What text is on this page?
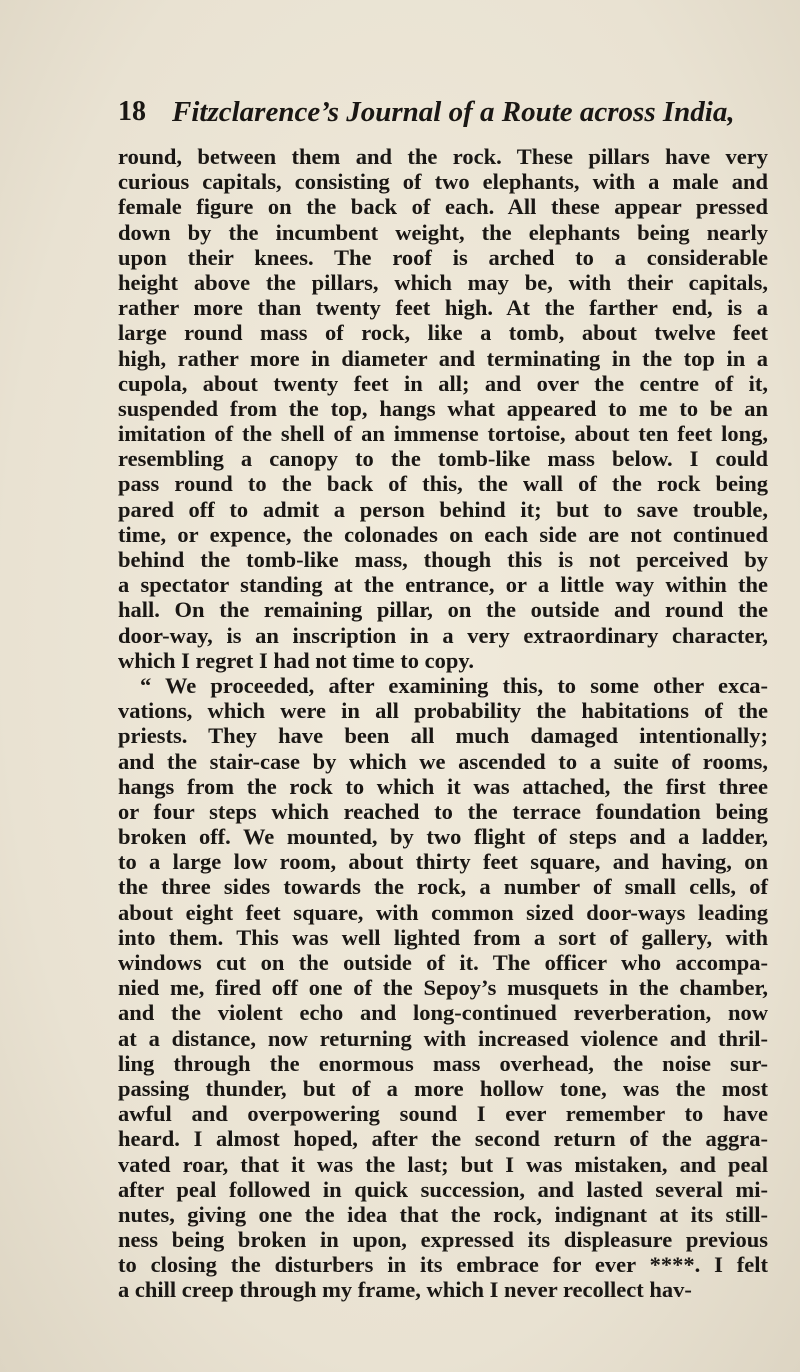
18 Fitzclarence’s Journal of a Route across India,
round, between them and the rock. These pillars have very
curious capitals, consisting of two elephants, with a male and
female figure on the back of each. All these appear pressed
down by the incumbent weight, the elephants being nearly
upon their knees. The roof is arched to a considerable
height above the pillars, which may be, with their capitals,
rather more than twenty feet high. At the farther end, is a
large round mass of rock, like a tomb, about twelve feet
high, rather more in diameter and terminating in the top in a
cupola, about twenty feet in all; and over the centre of it,
suspended from the top, hangs what appeared to me to be an
imitation of the shell of an immense tortoise, about ten feet long,
resembling a canopy to the tomb-like mass below. I could
pass round to the back of this, the wall of the rock being
pared off to admit a person behind it; but to save trouble,
time, or expence, the colonades on each side are not continued
behind the tomb-like mass, though this is not perceived by
a spectator standing at the entrance, or a little way within the
hall. On the remaining pillar, on the outside and round the
door-way, is an inscription in a very extraordinary character,
which I regret I had not time to copy.
“ We proceeded, after examining this, to some other exca-
vations, which were in all probability the habitations of the
priests. They have been all much damaged intentionally;
and the stair-case by which we ascended to a suite of rooms,
hangs from the rock to which it was attached, the first three
or four steps which reached to the terrace foundation being
broken off. We mounted, by two flight of steps and a ladder,
to a large low room, about thirty feet square, and having, on
the three sides towards the rock, a number of small cells, of
about eight feet square, with common sized door-ways leading
into them. This was well lighted from a sort of gallery, with
windows cut on the outside of it. The officer who accompa-
nied me, fired off one of the Sepoy’s musquets in the chamber,
and the violent echo and long-continued reverberation, now
at a distance, now returning with increased violence and thril-
ling through the enormous mass overhead, the noise sur-
passing thunder, but of a more hollow tone, was the most
awful and overpowering sound I ever remember to have
heard. I almost hoped, after the second return of the aggra-
vated roar, that it was the last; but I was mistaken, and peal
after peal followed in quick succession, and lasted several mi-
nutes, giving one the idea that the rock, indignant at its still-
ness being broken in upon, expressed its displeasure previous
to closing the disturbers in its embrace for ever ****. I felt
a chill creep through my frame, which I never recollect hav-
